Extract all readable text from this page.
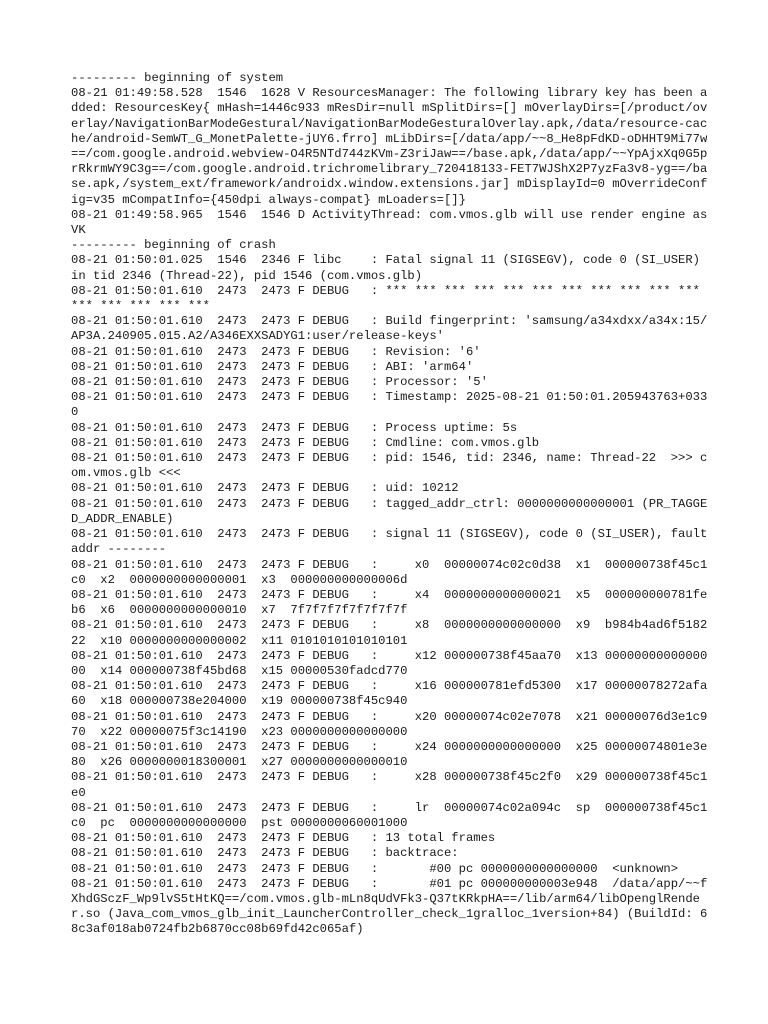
--------- beginning of system
08-21 01:49:58.528  1546  1628 V ResourcesManager: The following library key has been added: ResourcesKey{ mHash=1446c933 mResDir=null mSplitDirs=[] mOverlayDirs=[/product/overlay/NavigationBarModeGestural/NavigationBarModeGesturalOverlay.apk,/data/resource-cache/android-SemWT_G_MonetPalette-jUY6.frro] mLibDirs=[/data/app/~~8_He8pFdKD-oDHHT9Mi77w==/com.google.android.webview-O4R5NTd744zKVm-Z3riJaw==/base.apk,/data/app/~~YpAjxXq0G5prRkrmWY9C3g==/com.google.android.trichromelibrary_720418133-FET7WJShX2P7yzFa3v8-yg==/base.apk,/system_ext/framework/androidx.window.extensions.jar] mDisplayId=0 mOverrideConfig=v35 mCompatInfo={450dpi always-compat} mLoaders=[]}
08-21 01:49:58.965  1546  1546 D ActivityThread: com.vmos.glb will use render engine as VK
--------- beginning of crash
08-21 01:50:01.025  1546  2346 F libc    : Fatal signal 11 (SIGSEGV), code 0 (SI_USER) in tid 2346 (Thread-22), pid 1546 (com.vmos.glb)
08-21 01:50:01.610  2473  2473 F DEBUG   : *** *** *** *** *** *** *** *** *** *** *** *** *** *** *** ***
08-21 01:50:01.610  2473  2473 F DEBUG   : Build fingerprint: 'samsung/a34xdxx/a34x:15/AP3A.240905.015.A2/A346EXXSADYG1:user/release-keys'
08-21 01:50:01.610  2473  2473 F DEBUG   : Revision: '6'
08-21 01:50:01.610  2473  2473 F DEBUG   : ABI: 'arm64'
08-21 01:50:01.610  2473  2473 F DEBUG   : Processor: '5'
08-21 01:50:01.610  2473  2473 F DEBUG   : Timestamp: 2025-08-21 01:50:01.205943763+0330
08-21 01:50:01.610  2473  2473 F DEBUG   : Process uptime: 5s
08-21 01:50:01.610  2473  2473 F DEBUG   : Cmdline: com.vmos.glb
08-21 01:50:01.610  2473  2473 F DEBUG   : pid: 1546, tid: 2346, name: Thread-22  >>> com.vmos.glb <<<
08-21 01:50:01.610  2473  2473 F DEBUG   : uid: 10212
08-21 01:50:01.610  2473  2473 F DEBUG   : tagged_addr_ctrl: 0000000000000001 (PR_TAGGED_ADDR_ENABLE)
08-21 01:50:01.610  2473  2473 F DEBUG   : signal 11 (SIGSEGV), code 0 (SI_USER), fault addr --------
08-21 01:50:01.610  2473  2473 F DEBUG   :     x0  00000074c02c0d38  x1  000000738f45c1c0  x2  0000000000000001  x3  000000000000006d
08-21 01:50:01.610  2473  2473 F DEBUG   :     x4  0000000000000021  x5  000000000781feb6  x6  0000000000000010  x7  7f7f7f7f7f7f7f7f
08-21 01:50:01.610  2473  2473 F DEBUG   :     x8  0000000000000000  x9  b984b4ad6f518222  x10 0000000000000002  x11 0101010101010101
08-21 01:50:01.610  2473  2473 F DEBUG   :     x12 000000738f45aa70  x13 0000000000000000  x14 000000738f45bd68  x15 00000530fadcd770
08-21 01:50:01.610  2473  2473 F DEBUG   :     x16 000000781efd5300  x17 00000078272afa60  x18 000000738e204000  x19 000000738f45c940
08-21 01:50:01.610  2473  2473 F DEBUG   :     x20 00000074c02e7078  x21 00000076d3e1c970  x22 00000075f3c14190  x23 0000000000000000
08-21 01:50:01.610  2473  2473 F DEBUG   :     x24 0000000000000000  x25 00000074801e3e80  x26 0000000018300001  x27 0000000000000010
08-21 01:50:01.610  2473  2473 F DEBUG   :     x28 000000738f45c2f0  x29 000000738f45c1e0
08-21 01:50:01.610  2473  2473 F DEBUG   :     lr  00000074c02a094c  sp  000000738f45c1c0  pc  0000000000000000  pst 0000000060001000
08-21 01:50:01.610  2473  2473 F DEBUG   : 13 total frames
08-21 01:50:01.610  2473  2473 F DEBUG   : backtrace:
08-21 01:50:01.610  2473  2473 F DEBUG   :       #00 pc 0000000000000000  <unknown>
08-21 01:50:01.610  2473  2473 F DEBUG   :       #01 pc 000000000003e948  /data/app/~~fXhdGSczF_Wp9lvS5tHtKQ==/com.vmos.glb-mLn8qUdVFk3-Q37tKRkpHA==/lib/arm64/libOpenglRender.so (Java_com_vmos_glb_init_LauncherController_check_1gralloc_1version+84) (BuildId: 68c3af018ab0724fb2b6870cc08b69fd42c065af)
